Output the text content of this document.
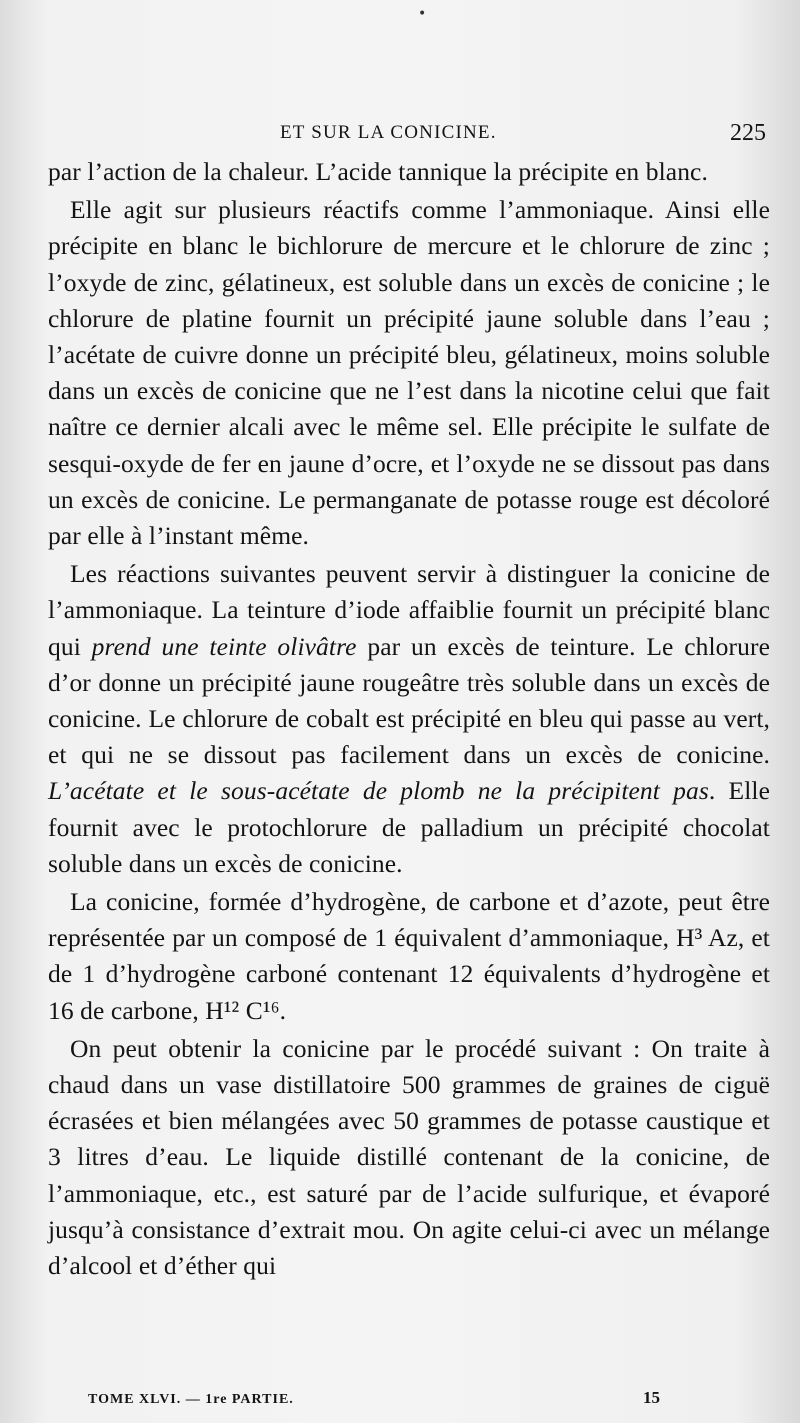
•
ET SUR LA CONICINE.	225

par l’action de la chaleur. L’acide tannique la précipite en blanc.

Elle agit sur plusieurs réactifs comme l’ammoniaque. Ainsi elle précipite en blanc le bichlorure de mercure et le chlorure de zinc ; l’oxyde de zinc, gélatineux, est soluble dans un excès de conicine ; le chlorure de platine fournit un précipité jaune soluble dans l’eau ; l’acétate de cuivre donne un précipité bleu, gélatineux, moins soluble dans un excès de conicine que ne l’est dans la nicotine celui que fait naître ce dernier alcali avec le même sel. Elle précipite le sulfate de sesqui-oxyde de fer en jaune d’ocre, et l’oxyde ne se dissout pas dans un excès de conicine. Le permanganate de potasse rouge est décoloré par elle à l’instant même.

Les réactions suivantes peuvent servir à distinguer la conicine de l’ammoniaque. La teinture d’iode affaiblie fournit un précipité blanc qui prend une teinte olivâtre par un excès de teinture. Le chlorure d’or donne un précipité jaune rougeâtre très soluble dans un excès de conicine. Le chlorure de cobalt est précipité en bleu qui passe au vert, et qui ne se dissout pas facilement dans un excès de conicine. L’acétate et le sous-acétate de plomb ne la précipitent pas. Elle fournit avec le protochlorure de palladium un précipité chocolat soluble dans un excès de conicine.

La conicine, formée d’hydrogène, de carbone et d’azote, peut être représentée par un composé de 1 équivalent d’ammoniaque, H³ Az, et de 1 d’hydrogène carboné contenant 12 équivalents d’hydrogène et 16 de carbone, H¹² C¹⁶.

On peut obtenir la conicine par le procédé suivant : On traite à chaud dans un vase distillatoire 500 grammes de graines de ciguë écrasées et bien mélangées avec 50 grammes de potasse caustique et 3 litres d’eau. Le liquide distillé contenant de la conicine, de l’ammoniaque, etc., est saturé par de l’acide sulfurique, et évaporé jusqu’à consistance d’extrait mou. On agite celui-ci avec un mélange d’alcool et d’éther qui

TOME XLVI. — 1re PARTIE.	15
